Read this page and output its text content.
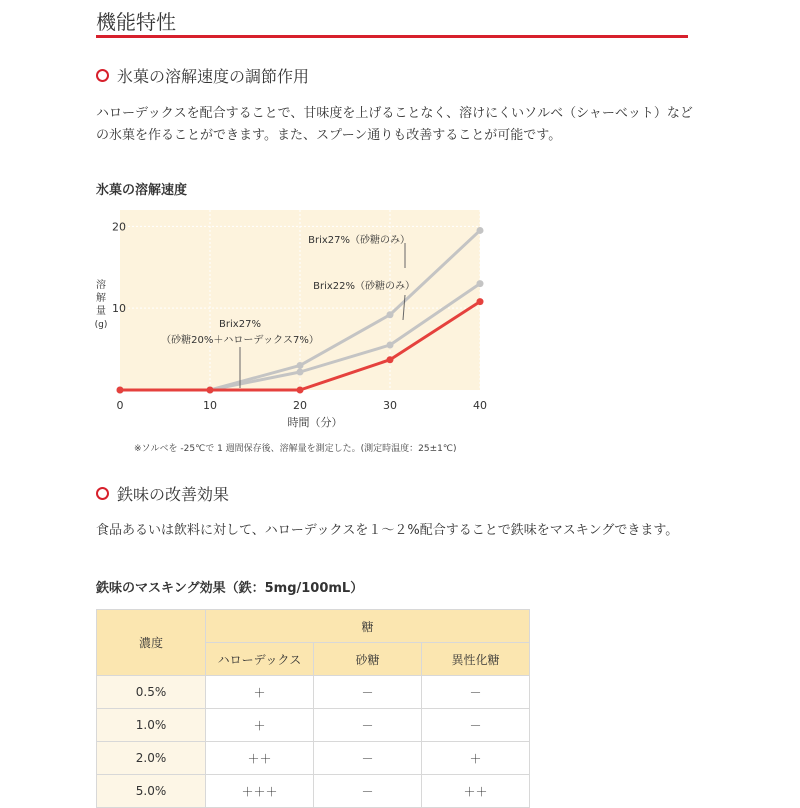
機能特性
氷菓の溶解速度の調節作用
ハローデックスを配合することで、甘味度を上げることなく、溶けにくいソルベ（シャーベット）など
の氷菓を作ることができます。また、スプーン通りも改善することが可能です。
氷菓の溶解速度
0	10	20	30	40
10
20
Brix27%（砂糖のみ）
Brix22%（砂糖のみ）
Brix27%
（砂糖20%＋ハローデックス7%）
溶
解
量
(g)
時間（分）
※ソルベを -25℃で 1 週間保存後、溶解量を測定した。(測定時温度：25±1℃)
鉄味の改善効果
食品あるいは飲料に対して、ハローデックスを１～２%配合することで鉄味をマスキングできます。
鉄味のマスキング効果（鉄：5mg/100mL）
濃度	糖		
	ハローデックス	砂糖	異性化糖
0.5%	＋	－	－
1.0%	＋	－	－
2.0%	＋＋	－	＋
5.0%	＋＋＋	－	＋＋
